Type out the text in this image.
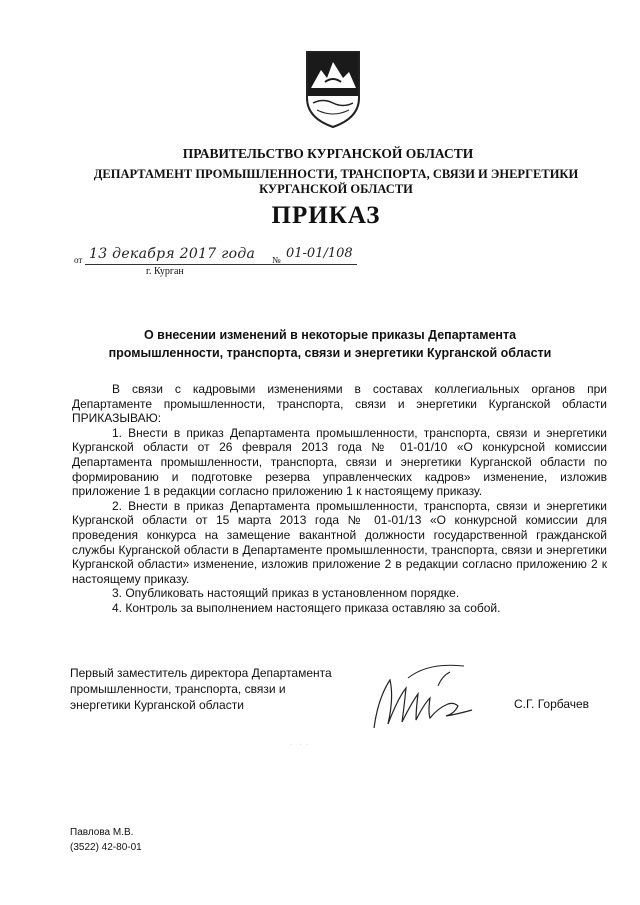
ПРАВИТЕЛЬСТВО КУРГАНСКОЙ ОБЛАСТИ
ДЕПАРТАМЕНТ ПРОМЫШЛЕННОСТИ, ТРАНСПОРТА, СВЯЗИ И ЭНЕРГЕТИКИ
КУРГАНСКОЙ ОБЛАСТИ
ПРИКАЗ
от 13 декабря 2017 года № 01-01/108
г. Курган
О внесении изменений в некоторые приказы Департамента
промышленности, транспорта, связи и энергетики Курганской области

В связи с кадровыми изменениями в составах коллегиальных органов при Департаменте промышленности, транспорта, связи и энергетики Курганской области ПРИКАЗЫВАЮ:

1. Внести в приказ Департамента промышленности, транспорта, связи и энергетики Курганской области от 26 февраля 2013 года № 01-01/10 «О конкурсной комиссии Департамента промышленности, транспорта, связи и энергетики Курганской области по формированию и подготовке резерва управленческих кадров» изменение, изложив приложение 1 в редакции согласно приложению 1 к настоящему приказу.

2. Внести в приказ Департамента промышленности, транспорта, связи и энергетики Курганской области от 15 марта 2013 года № 01-01/13 «О конкурсной комиссии для проведения конкурса на замещение вакантной должности государственной гражданской службы Курганской области в Департаменте промышленности, транспорта, связи и энергетики Курганской области» изменение, изложив приложение 2 в редакции согласно приложению 2 к настоящему приказу.

3. Опубликовать настоящий приказ в установленном порядке.

4. Контроль за выполнением настоящего приказа оставляю за собой.

Первый заместитель директора Департамента
промышленности, транспорта, связи и
энергетики Курганской области	С.Г. Горбачев
·     ·   ·
Павлова М.В.
(3522) 42-80-01
